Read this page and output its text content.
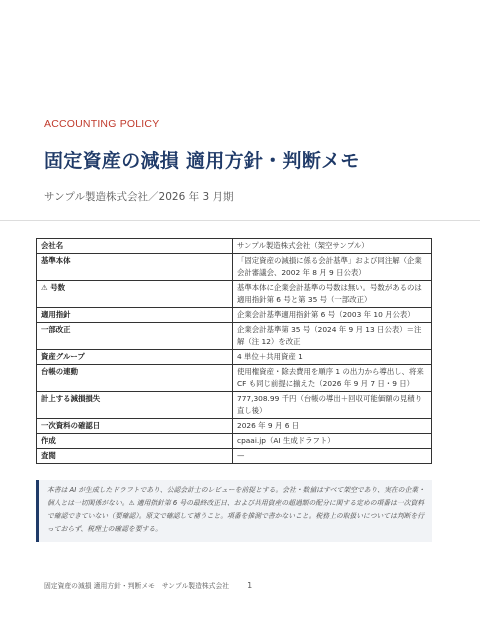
ACCOUNTING POLICY
固定資産の減損 適用方針・判断メモ
サンプル製造株式会社／2026 年 3 月期
会社名	サンプル製造株式会社（架空サンプル）
基準本体	「固定資産の減損に係る会計基準」および同注解（企業会計審議会、2002 年 8 月 9 日公表）
⚠ 号数	基準本体に企業会計基準の号数は無い。号数があるのは適用指針第 6 号と第 35 号（一部改正）
適用指針	企業会計基準適用指針第 6 号（2003 年 10 月公表）
一部改正	企業会計基準第 35 号（2024 年 9 月 13 日公表）＝注解（注 12）を改正
資産グループ	4 単位＋共用資産 1
台帳の連動	使用権資産・除去費用を順序 1 の出力から導出し、将来 CF も同じ前提に揃えた（2026 年 9 月 7 日・9 日）
計上する減損損失	777,308.99 千円（台帳の導出＋回収可能価額の見積り直し後）
一次資料の確認日	2026 年 9 月 6 日
作成	cpaai.jp（AI 生成ドラフト）
査閲	—
本書は AI が生成したドラフトであり、公認会計士のレビューを前提とする。会社・数値はすべて架空であり、実在の企業・個人とは一切関係がない。⚠ 適用指針第 6 号の最終改正日、および共用資産の超過額の配分に関する定めの項番は一次資料で確認できていない（要確認）。原文で確認して補うこと。項番を推測で書かないこと。税務上の取扱いについては判断を行っておらず、税理士の確認を要する。
固定資産の減損 適用方針・判断メモ　サンプル製造株式会社 1
